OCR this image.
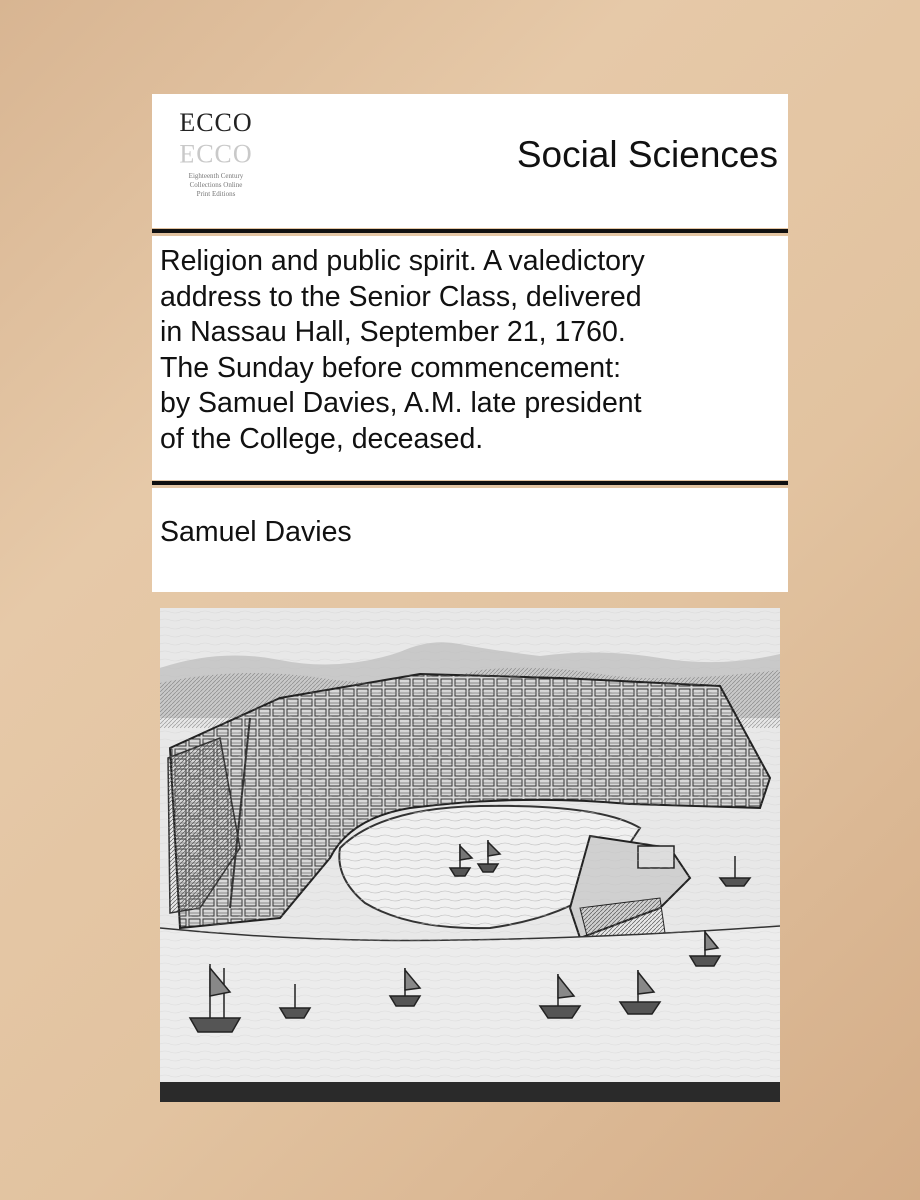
ECCO
ECCO
Eighteenth Century
Collections Online
Print Editions
Social Sciences
Religion and public spirit. A valedictory
address to the Senior Class, delivered
in Nassau Hall, September 21, 1760.
The Sunday before commencement:
by Samuel Davies, A.M. late president
of the College, deceased.
Samuel Davies
